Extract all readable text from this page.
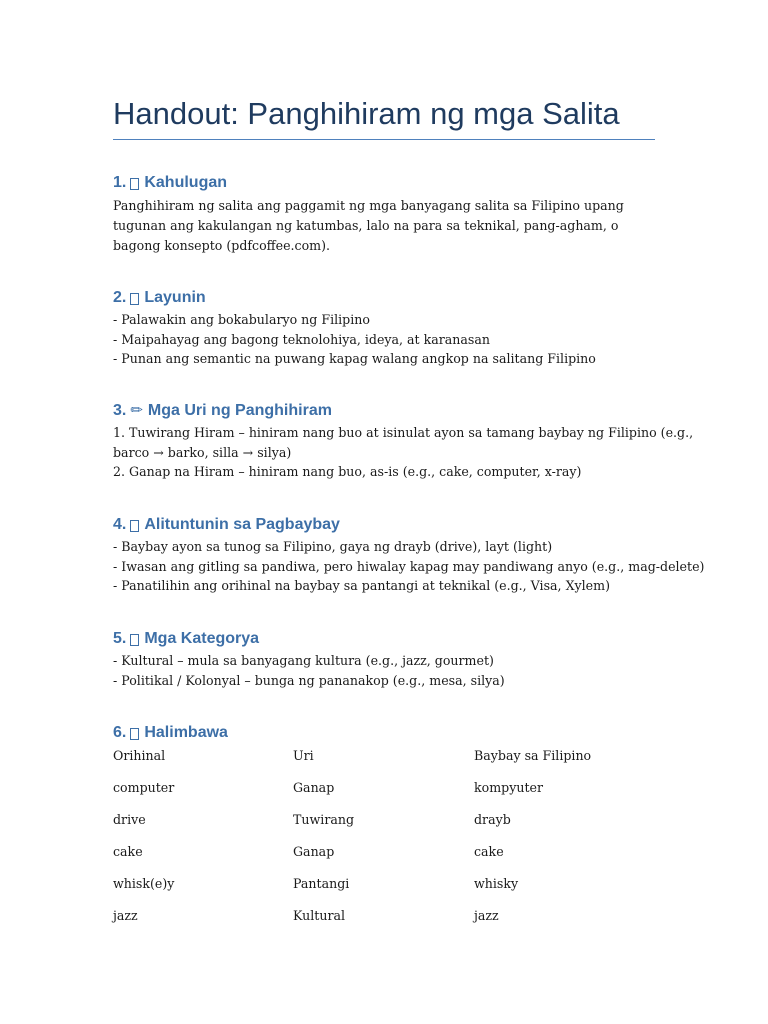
Handout: Panghihiram ng mga Salita
1. Kahulugan

Panghihiram ng salita ang paggamit ng mga banyagang salita sa Filipino upang tugunan ang kakulangan ng katumbas, lalo na para sa teknikal, pang-agham, o bagong konsepto (pdfcoffee.com).

2. Layunin
- Palawakin ang bokabularyo ng Filipino
- Maipahayag ang bagong teknolohiya, ideya, at karanasan
- Punan ang semantic na puwang kapag walang angkop na salitang Filipino
3. ✏ Mga Uri ng Panghihiram
1. Tuwirang Hiram – hiniram nang buo at isinulat ayon sa tamang baybay ng Filipino (e.g.,
barco → barko, silla → silya)
2. Ganap na Hiram – hiniram nang buo, as-is (e.g., cake, computer, x-ray)
4. Alituntunin sa Pagbaybay
- Baybay ayon sa tunog sa Filipino, gaya ng drayb (drive), layt (light)
- Iwasan ang gitling sa pandiwa, pero hiwalay kapag may pandiwang anyo (e.g., mag-delete)
- Panatilihin ang orihinal na baybay sa pantangi at teknikal (e.g., Visa, Xylem)
5. Mga Kategorya
- Kultural – mula sa banyagang kultura (e.g., jazz, gourmet)
- Politikal / Kolonyal – bunga ng pananakop (e.g., mesa, silya)
6. Halimbawa
Orihinal	Uri	Baybay sa Filipino
computer	Ganap	kompyuter
drive	Tuwirang	drayb
cake	Ganap	cake
whisk(e)y	Pantangi	whisky
jazz	Kultural	jazz
